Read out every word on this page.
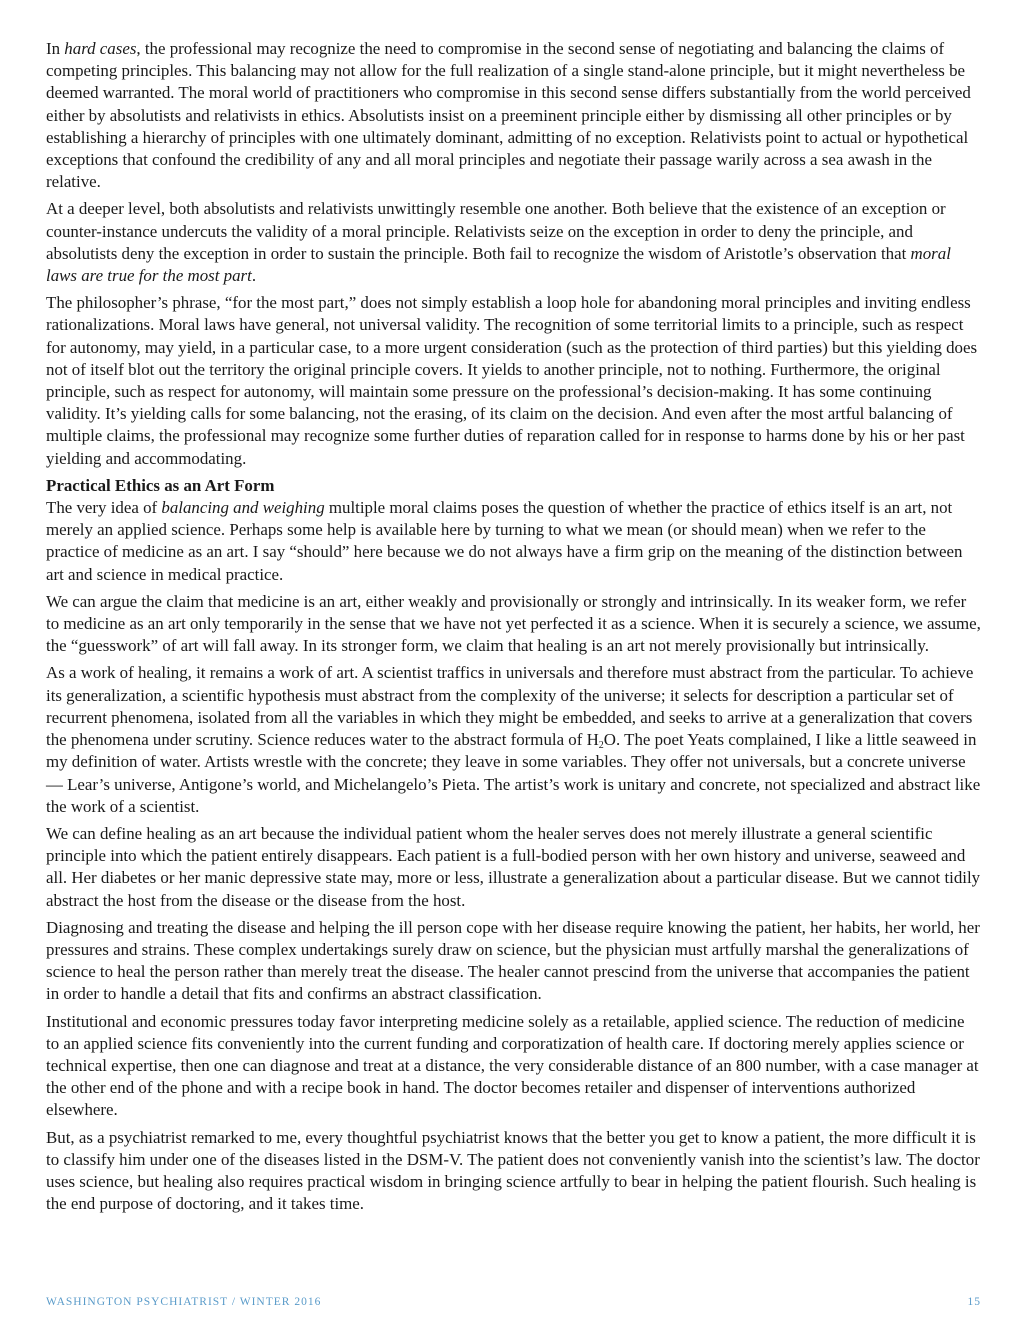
In hard cases, the professional may recognize the need to compromise in the second sense of negotiating and balancing the claims of competing principles. This balancing may not allow for the full realization of a single stand-alone principle, but it might nevertheless be deemed warranted. The moral world of practitioners who compromise in this second sense differs substantially from the world perceived either by absolutists and relativists in ethics. Absolutists insist on a preeminent principle either by dismissing all other principles or by establishing a hierarchy of principles with one ultimately dominant, admitting of no exception. Relativists point to actual or hypothetical exceptions that confound the credibility of any and all moral principles and negotiate their passage warily across a sea awash in the relative.

At a deeper level, both absolutists and relativists unwittingly resemble one another. Both believe that the existence of an exception or counter-instance undercuts the validity of a moral principle. Relativists seize on the exception in order to deny the principle, and absolutists deny the exception in order to sustain the principle. Both fail to recognize the wisdom of Aristotle’s observation that moral laws are true for the most part.

The philosopher’s phrase, “for the most part,” does not simply establish a loop hole for abandoning moral principles and inviting endless rationalizations. Moral laws have general, not universal validity. The recognition of some territorial limits to a principle, such as respect for autonomy, may yield, in a particular case, to a more urgent consideration (such as the protection of third parties) but this yielding does not of itself blot out the territory the original principle covers. It yields to another principle, not to nothing. Furthermore, the original principle, such as respect for autonomy, will maintain some pressure on the professional’s decision-making. It has some continuing validity. It’s yielding calls for some balancing, not the erasing, of its claim on the decision. And even after the most artful balancing of multiple claims, the professional may recognize some further duties of reparation called for in response to harms done by his or her past yielding and accommodating.

Practical Ethics as an Art Form

The very idea of balancing and weighing multiple moral claims poses the question of whether the practice of ethics itself is an art, not merely an applied science. Perhaps some help is available here by turning to what we mean (or should mean) when we refer to the practice of medicine as an art. I say “should” here because we do not always have a firm grip on the meaning of the distinction between art and science in medical practice.

We can argue the claim that medicine is an art, either weakly and provisionally or strongly and intrinsically. In its weaker form, we refer to medicine as an art only temporarily in the sense that we have not yet perfected it as a science. When it is securely a science, we assume, the “guesswork” of art will fall away. In its stronger form, we claim that healing is an art not merely provisionally but intrinsically.

As a work of healing, it remains a work of art. A scientist traffics in universals and therefore must abstract from the particular. To achieve its generalization, a scientific hypothesis must abstract from the complexity of the universe; it selects for description a particular set of recurrent phenomena, isolated from all the variables in which they might be embedded, and seeks to arrive at a generalization that covers the phenomena under scrutiny. Science reduces water to the abstract formula of $H_2O$. The poet Yeats complained, I like a little seaweed in my definition of water. Artists wrestle with the concrete; they leave in some variables. They offer not universals, but a concrete universe — Lear’s universe, Antigone’s world, and Michelangelo’s Pieta. The artist’s work is unitary and concrete, not specialized and abstract like the work of a scientist.

We can define healing as an art because the individual patient whom the healer serves does not merely illustrate a general scientific principle into which the patient entirely disappears. Each patient is a full-bodied person with her own history and universe, seaweed and all. Her diabetes or her manic depressive state may, more or less, illustrate a generalization about a particular disease. But we cannot tidily abstract the host from the disease or the disease from the host.

Diagnosing and treating the disease and helping the ill person cope with her disease require knowing the patient, her habits, her world, her pressures and strains. These complex undertakings surely draw on science, but the physician must artfully marshal the generalizations of science to heal the person rather than merely treat the disease. The healer cannot prescind from the universe that accompanies the patient in order to handle a detail that fits and confirms an abstract classification.

Institutional and economic pressures today favor interpreting medicine solely as a retailable, applied science. The reduction of medicine to an applied science fits conveniently into the current funding and corporatization of health care. If doctoring merely applies science or technical expertise, then one can diagnose and treat at a distance, the very considerable distance of an 800 number, with a case manager at the other end of the phone and with a recipe book in hand. The doctor becomes retailer and dispenser of interventions authorized elsewhere.

But, as a psychiatrist remarked to me, every thoughtful psychiatrist knows that the better you get to know a patient, the more difficult it is to classify him under one of the diseases listed in the DSM-V. The patient does not conveniently vanish into the scientist’s law. The doctor uses science, but healing also requires practical wisdom in bringing science artfully to bear in helping the patient flourish. Such healing is the end purpose of doctoring, and it takes time.

WASHINGTON PSYCHIATRIST / WINTER 2016	15
